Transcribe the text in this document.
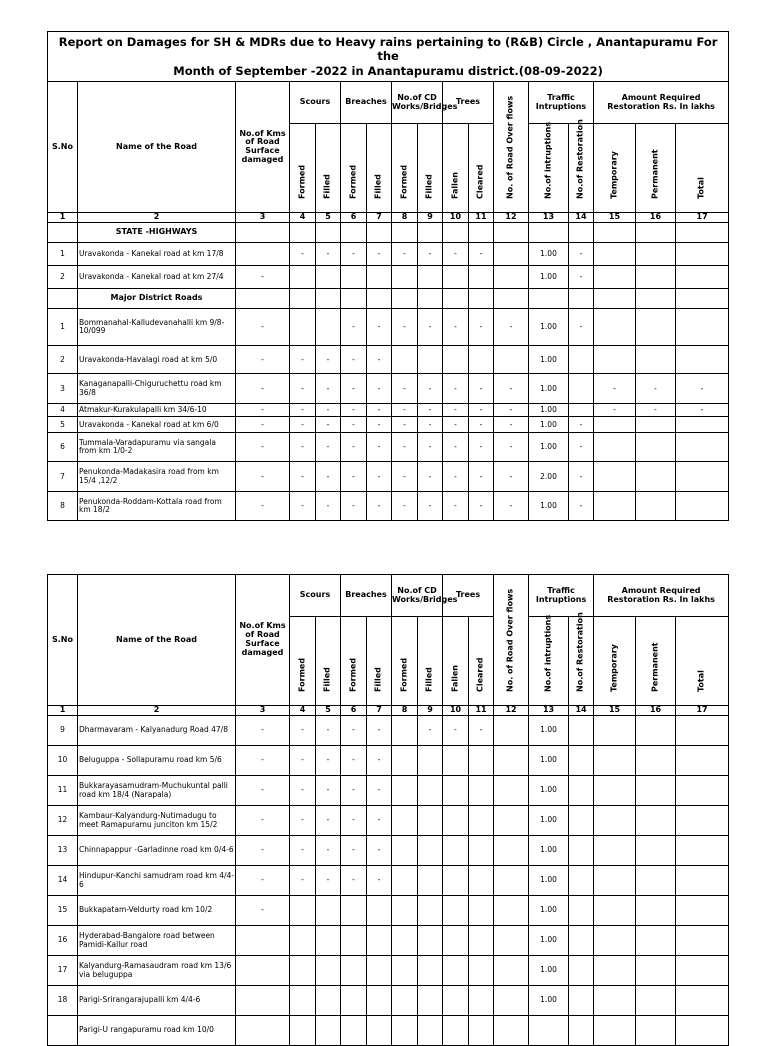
Report on Damages for SH & MDRs due to Heavy rains pertaining to (R&B) Circle , Anantapuramu For the
Month of September -2022 in Anantapuramu district.(08-09-2022)																

S.No	Name of the Road	No.of Kms of Road Surface damaged	Scours		Breaches		No.of CD Works/Bridges		Trees		No. of Road Over flows	Traffic Intruptions		Amount Required Restoration Rs. In lakhs		

			Formed	Filled	Formed	Filled	Formed	Filled	Fallen	Cleared		No.of intruptions	No.of Restoration	Temporary	Permanent	Total

1	2	3	4	5	6	7	8	9	10	11	12	13	14	15	16	17
	STATE -HIGHWAYS															
1	Uravakonda - Kanekal road at km 17/8		-	-	-	-	-	-	-	-		1.00	-			
2	Uravakonda - Kanekal road at km 27/4	-										1.00	-			
	Major District Roads															
1	Bommanahal-Kalludevanahalli km 9/8-10/099	-			-	-	-	-	-	-	-	1.00	-			
2	Uravakonda-Havalagi road at km 5/0	-	-	-	-	-						1.00				
3	Kanaganapalli-Chiguruchettu road km 36/8	-	-	-	-	-	-	-	-	-	-	1.00		-	-	-
4	Atmakur-Kurakulapalli km 34/6-10	-	-	-	-	-	-	-	-	-	-	1.00		-	-	-
5	Uravakonda - Kanekal road at km 6/0	-	-	-	-	-	-	-	-	-	-	1.00	-			
6	Tummala-Varadapuramu via sangala from km 1/0-2	-	-	-	-	-	-	-	-	-	-	1.00	-			
7	Penukonda-Madakasira road from km 15/4 ,12/2	-	-	-	-	-	-	-	-	-	-	2.00	-			
8	Penukonda-Roddam-Kottala road from km 18/2	-	-	-	-	-	-	-	-	-	-	1.00	-			
S.No	Name of the Road	No.of Kms of Road Surface damaged	Scours		Breaches		No.of CD Works/Bridges		Trees		No. of Road Over flows	Traffic Intruptions		Amount Required Restoration Rs. In lakhs		

			Formed	Filled	Formed	Filled	Formed	Filled	Fallen	Cleared		No.of intruptions	No.of Restoration	Temporary	Permanent	Total

1	2	3	4	5	6	7	8	9	10	11	12	13	14	15	16	17
9	Dharmavaram - Kalyanadurg Road 47/8	-	-	-	-	-		-	-	-		1.00				
10	Beluguppa - Sollapuramu road km 5/6	-	-	-	-	-						1.00				
11	Bukkarayasamudram-Muchukuntal palli road km 18/4 (Narapala)	-	-	-	-	-						1.00				
12	Kambaur-Kalyandurg-Nutimadugu to meet Ramapuramu junciton km 15/2	-	-	-	-	-						1.00				
13	Chinnapappur -Garladinne road km 0/4-6	-	-	-	-	-						1.00				
14	Hindupur-Kanchi samudram road km 4/4-6	-	-	-	-	-						1.00				
15	Bukkapatam-Veldurty road km 10/2	-										1.00				
16	Hyderabad-Bangalore road between Pamidi-Kallur road											1.00				
17	Kalyandurg-Ramasaudram road km 13/6 via beluguppa											1.00				
18	Parigi-Srirangarajupalli km 4/4-6											1.00				
	Parigi-U rangapuramu road km 10/0															
